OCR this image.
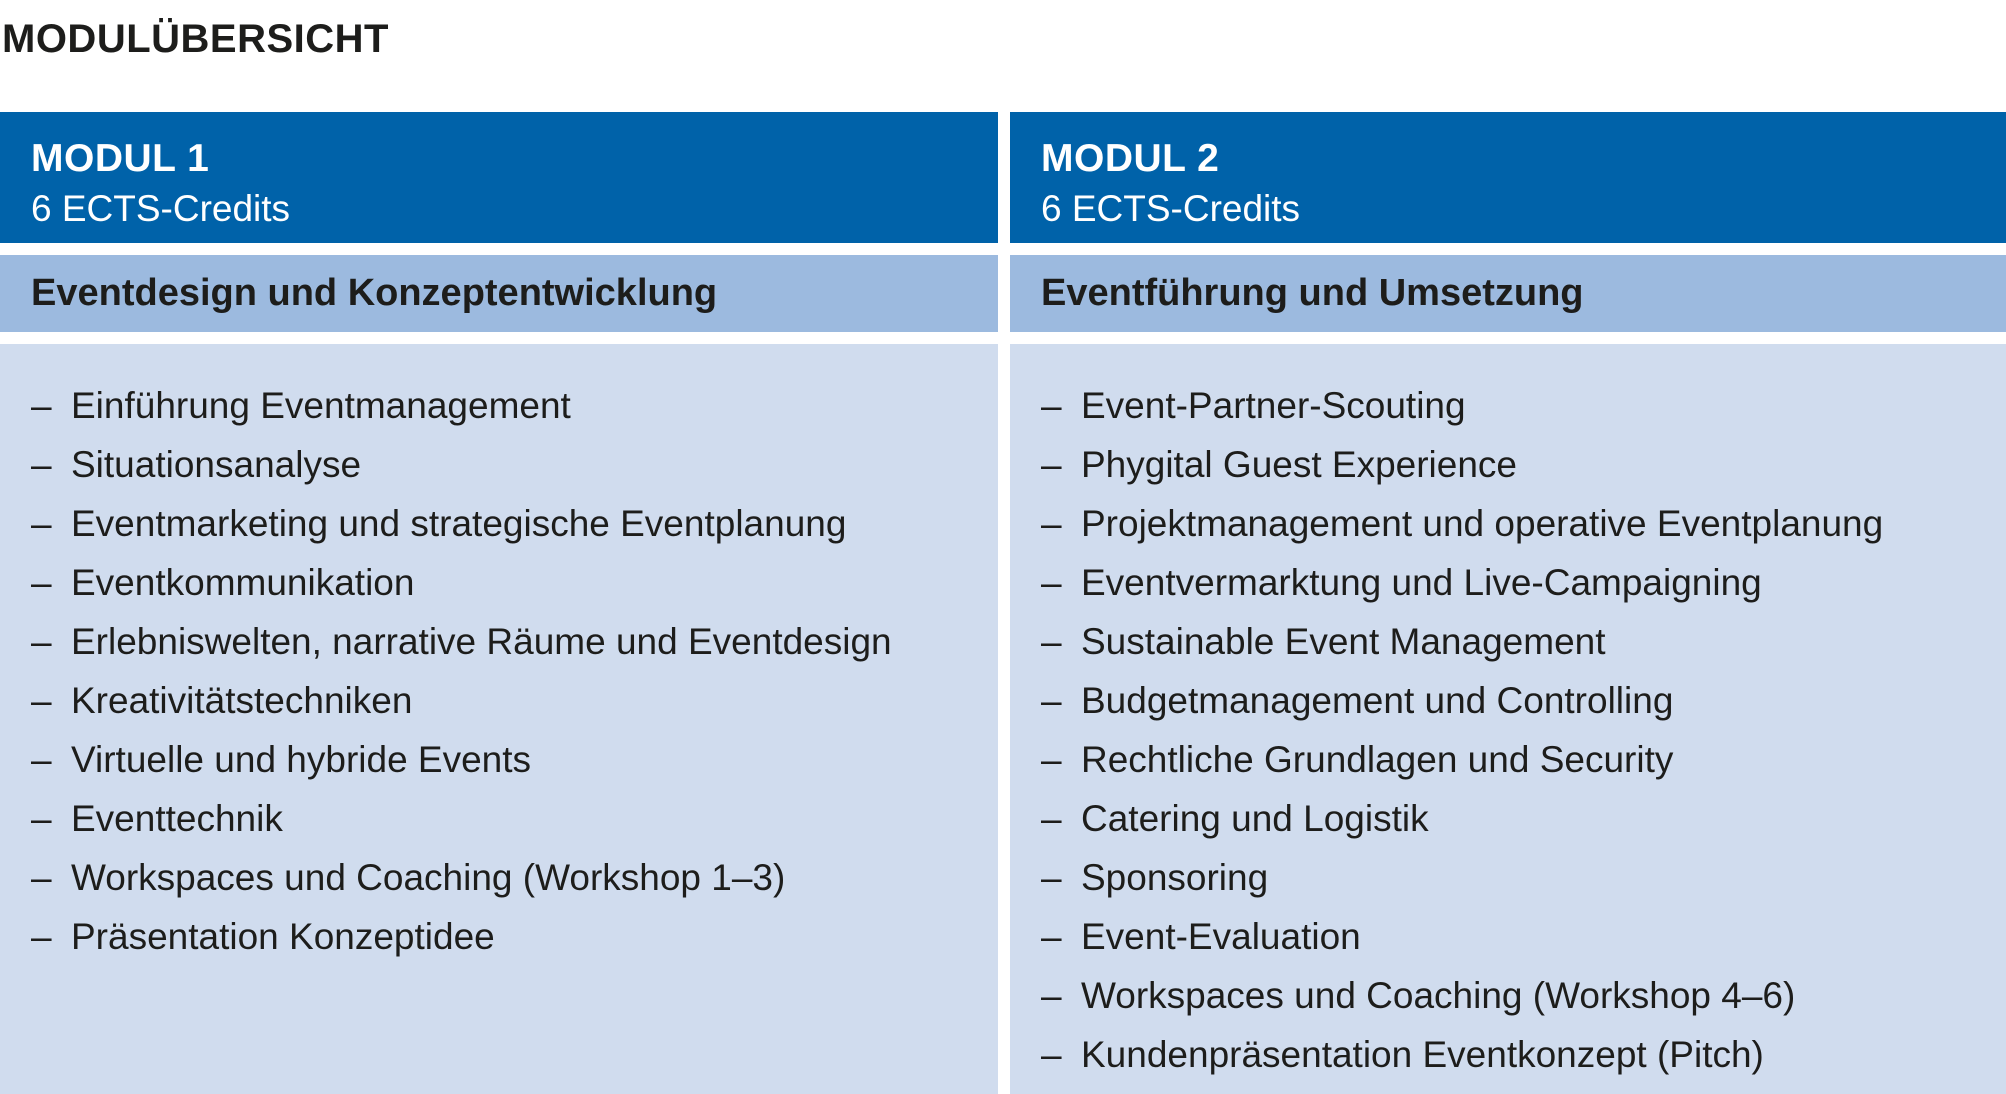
MODULÜBERSICHT
MODUL 1
6 ECTS-Credits
Eventdesign und Konzeptentwicklung
– Einführung Eventmanagement
– Situationsanalyse
– Eventmarketing und strategische Eventplanung
– Eventkommunikation
– Erlebniswelten, narrative Räume und Eventdesign
– Kreativitätstechniken
– Virtuelle und hybride Events
– Eventtechnik
– Workspaces und Coaching (Workshop 1–3)
– Präsentation Konzeptidee
MODUL 2
6 ECTS-Credits
Eventführung und Umsetzung
– Event-Partner-Scouting
– Phygital Guest Experience
– Projektmanagement und operative Eventplanung
– Eventvermarktung und Live-Campaigning
– Sustainable Event Management
– Budgetmanagement und Controlling
– Rechtliche Grundlagen und Security
– Catering und Logistik
– Sponsoring
– Event-Evaluation
– Workspaces und Coaching (Workshop 4–6)
– Kundenpräsentation Eventkonzept (Pitch)
